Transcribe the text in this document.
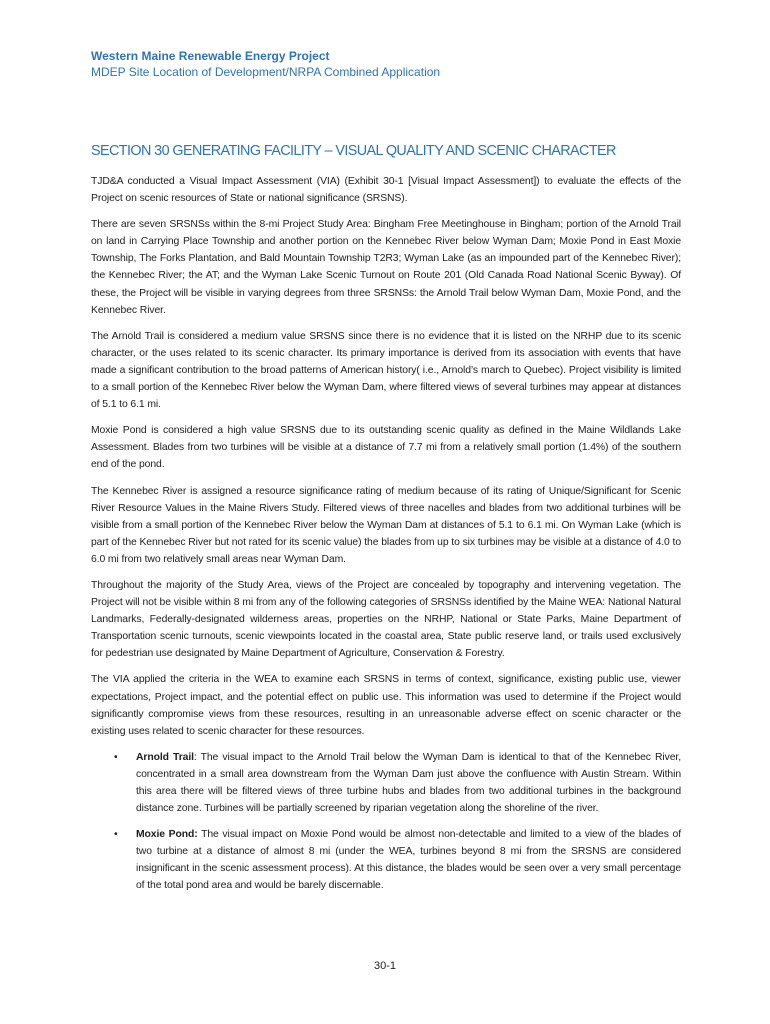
Western Maine Renewable Energy Project
MDEP Site Location of Development/NRPA Combined Application
SECTION 30 GENERATING FACILITY – VISUAL QUALITY AND SCENIC CHARACTER

TJD&A conducted a Visual Impact Assessment (VIA) (Exhibit 30-1 [Visual Impact Assessment]) to evaluate the effects of the Project on scenic resources of State or national significance (SRSNS).

There are seven SRSNSs within the 8-mi Project Study Area: Bingham Free Meetinghouse in Bingham; portion of the Arnold Trail on land in Carrying Place Township and another portion on the Kennebec River below Wyman Dam; Moxie Pond in East Moxie Township, The Forks Plantation, and Bald Mountain Township T2R3; Wyman Lake (as an impounded part of the Kennebec River); the Kennebec River; the AT; and the Wyman Lake Scenic Turnout on Route 201 (Old Canada Road National Scenic Byway). Of these, the Project will be visible in varying degrees from three SRSNSs: the Arnold Trail below Wyman Dam, Moxie Pond, and the Kennebec River.

The Arnold Trail is considered a medium value SRSNS since there is no evidence that it is listed on the NRHP due to its scenic character, or the uses related to its scenic character. Its primary importance is derived from its association with events that have made a significant contribution to the broad patterns of American history( i.e., Arnold’s march to Quebec). Project visibility is limited to a small portion of the Kennebec River below the Wyman Dam, where filtered views of several turbines may appear at distances of 5.1 to 6.1 mi.

Moxie Pond is considered a high value SRSNS due to its outstanding scenic quality as defined in the Maine Wildlands Lake Assessment. Blades from two turbines will be visible at a distance of 7.7 mi from a relatively small portion (1.4%) of the southern end of the pond.

The Kennebec River is assigned a resource significance rating of medium because of its rating of Unique/Significant for Scenic River Resource Values in the Maine Rivers Study. Filtered views of three nacelles and blades from two additional turbines will be visible from a small portion of the Kennebec River below the Wyman Dam at distances of 5.1 to 6.1 mi. On Wyman Lake (which is part of the Kennebec River but not rated for its scenic value) the blades from up to six turbines may be visible at a distance of 4.0 to 6.0 mi from two relatively small areas near Wyman Dam.

Throughout the majority of the Study Area, views of the Project are concealed by topography and intervening vegetation. The Project will not be visible within 8 mi from any of the following categories of SRSNSs identified by the Maine WEA: National Natural Landmarks, Federally-designated wilderness areas, properties on the NRHP, National or State Parks, Maine Department of Transportation scenic turnouts, scenic viewpoints located in the coastal area, State public reserve land, or trails used exclusively for pedestrian use designated by Maine Department of Agriculture, Conservation & Forestry.

The VIA applied the criteria in the WEA to examine each SRSNS in terms of context, significance, existing public use, viewer expectations, Project impact, and the potential effect on public use. This information was used to determine if the Project would significantly compromise views from these resources, resulting in an unreasonable adverse effect on scenic character or the existing uses related to scenic character for these resources.

• Arnold Trail: The visual impact to the Arnold Trail below the Wyman Dam is identical to that of the Kennebec River, concentrated in a small area downstream from the Wyman Dam just above the confluence with Austin Stream. Within this area there will be filtered views of three turbine hubs and blades from two additional turbines in the background distance zone. Turbines will be partially screened by riparian vegetation along the shoreline of the river.
• Moxie Pond: The visual impact on Moxie Pond would be almost non-detectable and limited to a view of the blades of two turbine at a distance of almost 8 mi (under the WEA, turbines beyond 8 mi from the SRSNS are considered insignificant in the scenic assessment process). At this distance, the blades would be seen over a very small percentage of the total pond area and would be barely discernable.
30-1
